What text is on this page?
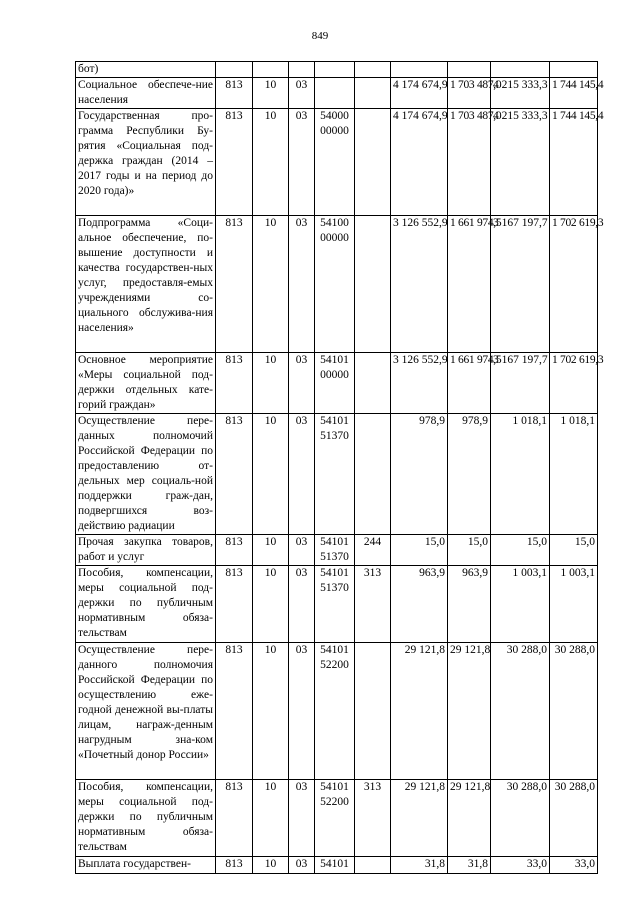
849
бот)									
Социальное обеспече-ние населения	813	10	03			4 174 674,9	1 703 487,0	4 215 333,3	1 744 145,4
Государственная про-грамма Республики Бу-рятия «Социальная под-держка граждан (2014 – 2017 годы и на период до 2020 года)»	813	10	03	54000 00000		4 174 674,9	1 703 487,0	4 215 333,3	1 744 145,4
Подпрограмма «Соци-альное обеспечение, по-вышение доступности и качества государствен-ных услуг, предоставля-емых учреждениями со-циального обслужива-ния населения»	813	10	03	54100 00000		3 126 552,9	1 661 974,5	3 167 197,7	1 702 619,3
Основное мероприятие «Меры социальной под-держки отдельных кате-горий граждан»	813	10	03	54101 00000		3 126 552,9	1 661 974,5	3 167 197,7	1 702 619,3
Осуществление пере-данных полномочий Российской Федерации по предоставлению от-дельных мер социаль-ной поддержки граж-дан, подвергшихся воз-действию радиации	813	10	03	54101 51370		978,9	978,9	1 018,1	1 018,1
Прочая закупка товаров, работ и услуг	813	10	03	54101 51370	244	15,0	15,0	15,0	15,0
Пособия, компенсации, меры социальной под-держки по публичным нормативным обяза-тельствам	813	10	03	54101 51370	313	963,9	963,9	1 003,1	1 003,1
Осуществление пере-данного полномочия Российской Федерации по осуществлению ежe-годной денежной вы-платы лицам, награж-денным нагрудным зна-ком «Почетный донор России»	813	10	03	54101 52200		29 121,8	29 121,8	30 288,0	30 288,0
Пособия, компенсации, меры социальной под-держки по публичным нормативным обяза-тельствам	813	10	03	54101 52200	313	29 121,8	29 121,8	30 288,0	30 288,0
Выплата государствен-	813	10	03	54101		31,8	31,8	33,0	33,0
